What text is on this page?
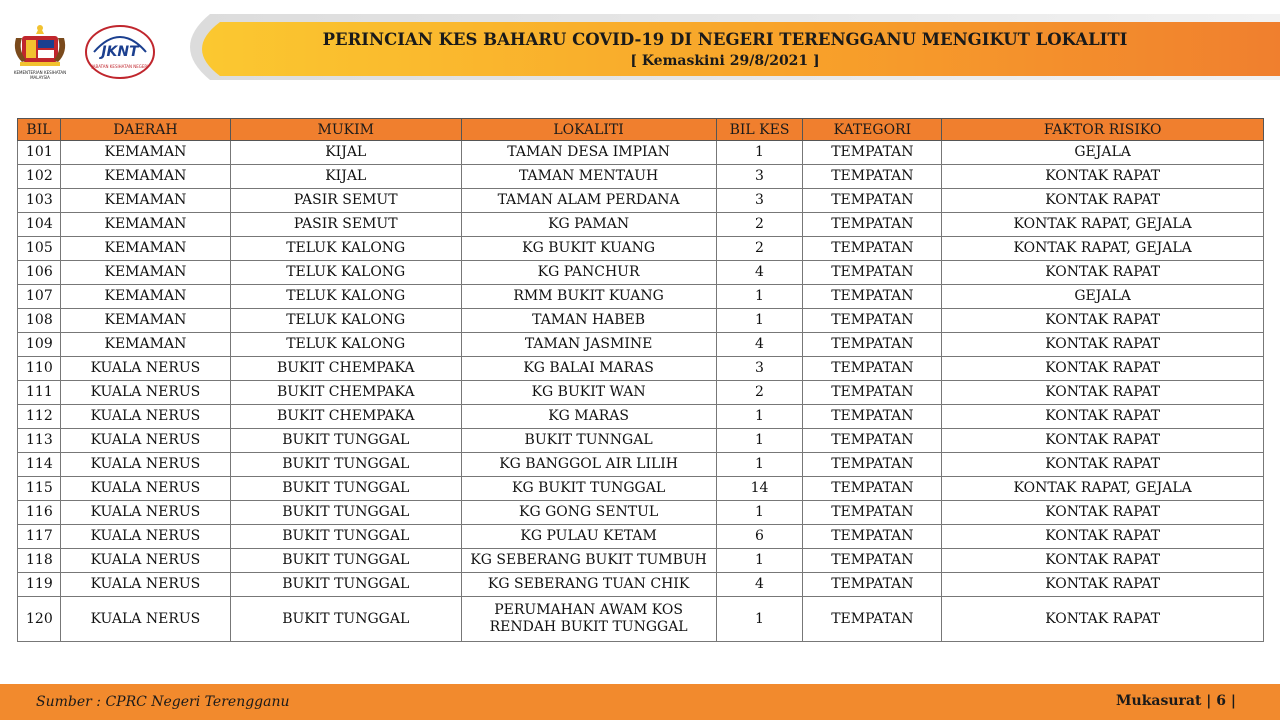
KEMENTERIAN KESIHATAN
MALAYSIA
JKNT
JABATAN KESIHATAN NEGERI
PERINCIAN KES BAHARU COVID-19 DI NEGERI TERENGGANU MENGIKUT LOKALITI
[ Kemaskini 29/8/2021 ]
BIL	DAERAH	MUKIM	LOKALITI	BIL KES	KATEGORI	FAKTOR RISIKO
101	KEMAMAN	KIJAL	TAMAN DESA IMPIAN	1	TEMPATAN	GEJALA
102	KEMAMAN	KIJAL	TAMAN MENTAUH	3	TEMPATAN	KONTAK RAPAT
103	KEMAMAN	PASIR SEMUT	TAMAN ALAM PERDANA	3	TEMPATAN	KONTAK RAPAT
104	KEMAMAN	PASIR SEMUT	KG PAMAN	2	TEMPATAN	KONTAK RAPAT, GEJALA
105	KEMAMAN	TELUK KALONG	KG BUKIT KUANG	2	TEMPATAN	KONTAK RAPAT, GEJALA
106	KEMAMAN	TELUK KALONG	KG PANCHUR	4	TEMPATAN	KONTAK RAPAT
107	KEMAMAN	TELUK KALONG	RMM BUKIT KUANG	1	TEMPATAN	GEJALA
108	KEMAMAN	TELUK KALONG	TAMAN HABEB	1	TEMPATAN	KONTAK RAPAT
109	KEMAMAN	TELUK KALONG	TAMAN JASMINE	4	TEMPATAN	KONTAK RAPAT
110	KUALA NERUS	BUKIT CHEMPAKA	KG BALAI MARAS	3	TEMPATAN	KONTAK RAPAT
111	KUALA NERUS	BUKIT CHEMPAKA	KG BUKIT WAN	2	TEMPATAN	KONTAK RAPAT
112	KUALA NERUS	BUKIT CHEMPAKA	KG MARAS	1	TEMPATAN	KONTAK RAPAT
113	KUALA NERUS	BUKIT TUNGGAL	BUKIT TUNNGAL	1	TEMPATAN	KONTAK RAPAT
114	KUALA NERUS	BUKIT TUNGGAL	KG BANGGOL AIR LILIH	1	TEMPATAN	KONTAK RAPAT
115	KUALA NERUS	BUKIT TUNGGAL	KG BUKIT TUNGGAL	14	TEMPATAN	KONTAK RAPAT, GEJALA
116	KUALA NERUS	BUKIT TUNGGAL	KG GONG SENTUL	1	TEMPATAN	KONTAK RAPAT
117	KUALA NERUS	BUKIT TUNGGAL	KG PULAU KETAM	6	TEMPATAN	KONTAK RAPAT
118	KUALA NERUS	BUKIT TUNGGAL	KG SEBERANG BUKIT TUMBUH	1	TEMPATAN	KONTAK RAPAT
119	KUALA NERUS	BUKIT TUNGGAL	KG SEBERANG TUAN CHIK	4	TEMPATAN	KONTAK RAPAT
120	KUALA NERUS	BUKIT TUNGGAL	PERUMAHAN AWAM KOS RENDAH BUKIT TUNGGAL	1	TEMPATAN	KONTAK RAPAT
Sumber : CPRC Negeri Terengganu	Mukasurat | 6 |
